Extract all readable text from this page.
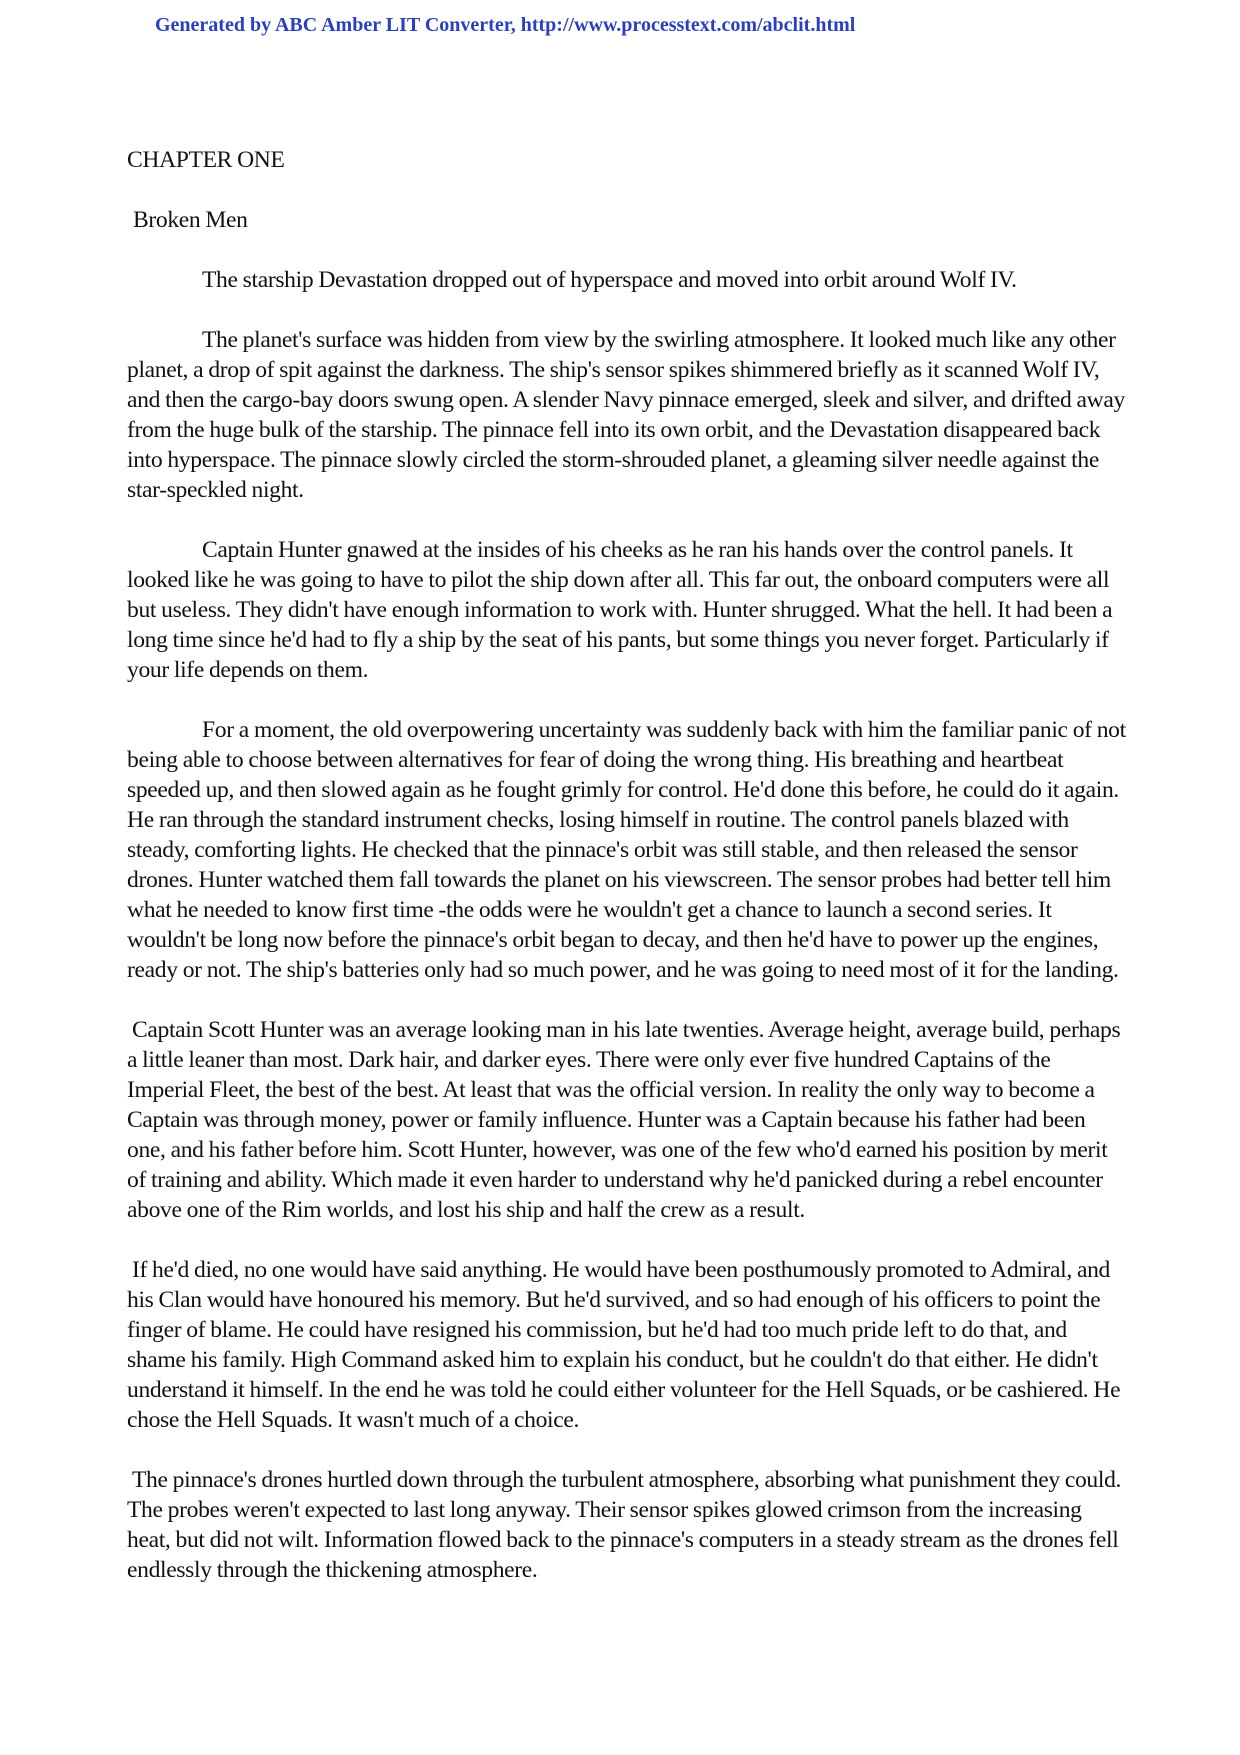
Generated by ABC Amber LIT Converter, http://www.processtext.com/abclit.html
CHAPTER ONE
Broken Men

The starship Devastation dropped out of hyperspace and moved into orbit around Wolf IV.

The planet's surface was hidden from view by the swirling atmosphere. It looked much like any other planet, a drop of spit against the darkness. The ship's sensor spikes shimmered briefly as it scanned Wolf IV, and then the cargo-bay doors swung open. A slender Navy pinnace emerged, sleek and silver, and drifted away from the huge bulk of the starship. The pinnace fell into its own orbit, and the Devastation disappeared back into hyperspace. The pinnace slowly circled the storm-shrouded planet, a gleaming silver needle against the star-speckled night.

Captain Hunter gnawed at the insides of his cheeks as he ran his hands over the control panels. It looked like he was going to have to pilot the ship down after all. This far out, the onboard computers were all but useless. They didn't have enough information to work with. Hunter shrugged. What the hell. It had been a long time since he'd had to fly a ship by the seat of his pants, but some things you never forget. Particularly if your life depends on them.

For a moment, the old overpowering uncertainty was suddenly back with him the familiar panic of not being able to choose between alternatives for fear of doing the wrong thing. His breathing and heartbeat speeded up, and then slowed again as he fought grimly for control. He'd done this before, he could do it again. He ran through the standard instrument checks, losing himself in routine. The control panels blazed with steady, comforting lights. He checked that the pinnace's orbit was still stable, and then released the sensor drones. Hunter watched them fall towards the planet on his viewscreen. The sensor probes had better tell him what he needed to know first time -the odds were he wouldn't get a chance to launch a second series. It wouldn't be long now before the pinnace's orbit began to decay, and then he'd have to power up the engines, ready or not. The ship's batteries only had so much power, and he was going to need most of it for the landing.

Captain Scott Hunter was an average looking man in his late twenties. Average height, average build, perhaps a little leaner than most. Dark hair, and darker eyes. There were only ever five hundred Captains of the Imperial Fleet, the best of the best. At least that was the official version. In reality the only way to become a Captain was through money, power or family influence. Hunter was a Captain because his father had been one, and his father before him. Scott Hunter, however, was one of the few who'd earned his position by merit of training and ability. Which made it even harder to understand why he'd panicked during a rebel encounter above one of the Rim worlds, and lost his ship and half the crew as a result.

If he'd died, no one would have said anything. He would have been posthumously promoted to Admiral, and his Clan would have honoured his memory. But he'd survived, and so had enough of his officers to point the finger of blame. He could have resigned his commission, but he'd had too much pride left to do that, and shame his family. High Command asked him to explain his conduct, but he couldn't do that either. He didn't understand it himself. In the end he was told he could either volunteer for the Hell Squads, or be cashiered. He chose the Hell Squads. It wasn't much of a choice.

The pinnace's drones hurtled down through the turbulent atmosphere, absorbing what punishment they could. The probes weren't expected to last long anyway. Their sensor spikes glowed crimson from the increasing heat, but did not wilt. Information flowed back to the pinnace's computers in a steady stream as the drones fell endlessly through the thickening atmosphere.
